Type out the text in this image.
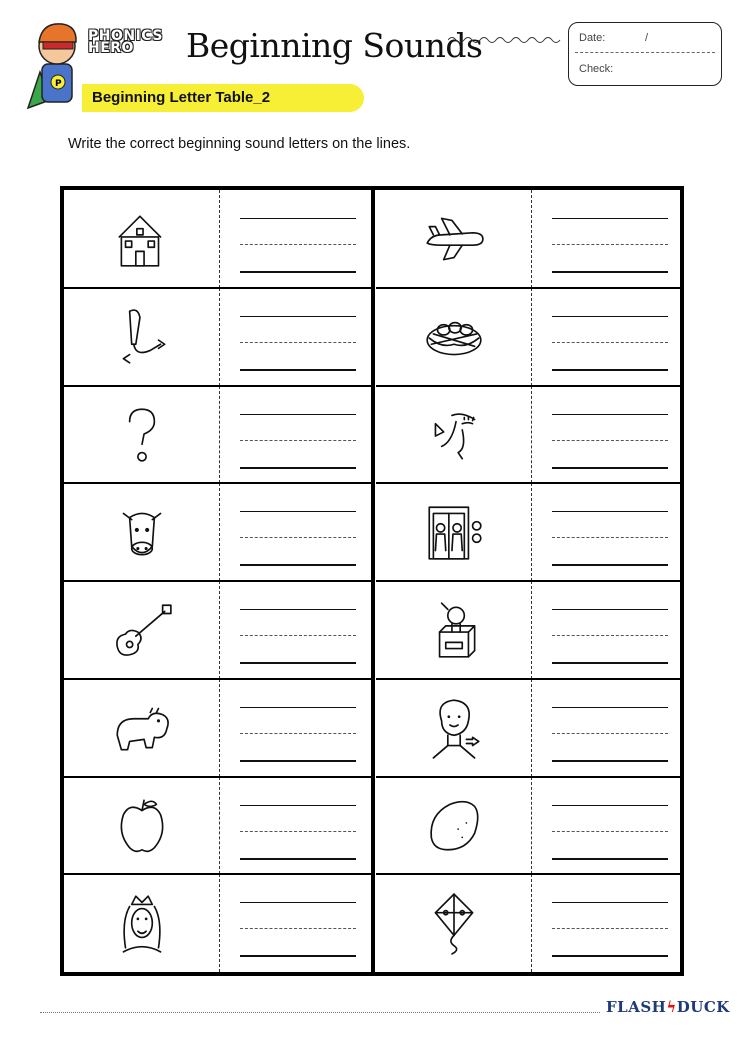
P
PHONICS
HERO	Beginning Sounds
Beginning Letter Table_2
Date:	/
Check:
Write the correct beginning sound letters on the lines.
FLASHϟDUCK
